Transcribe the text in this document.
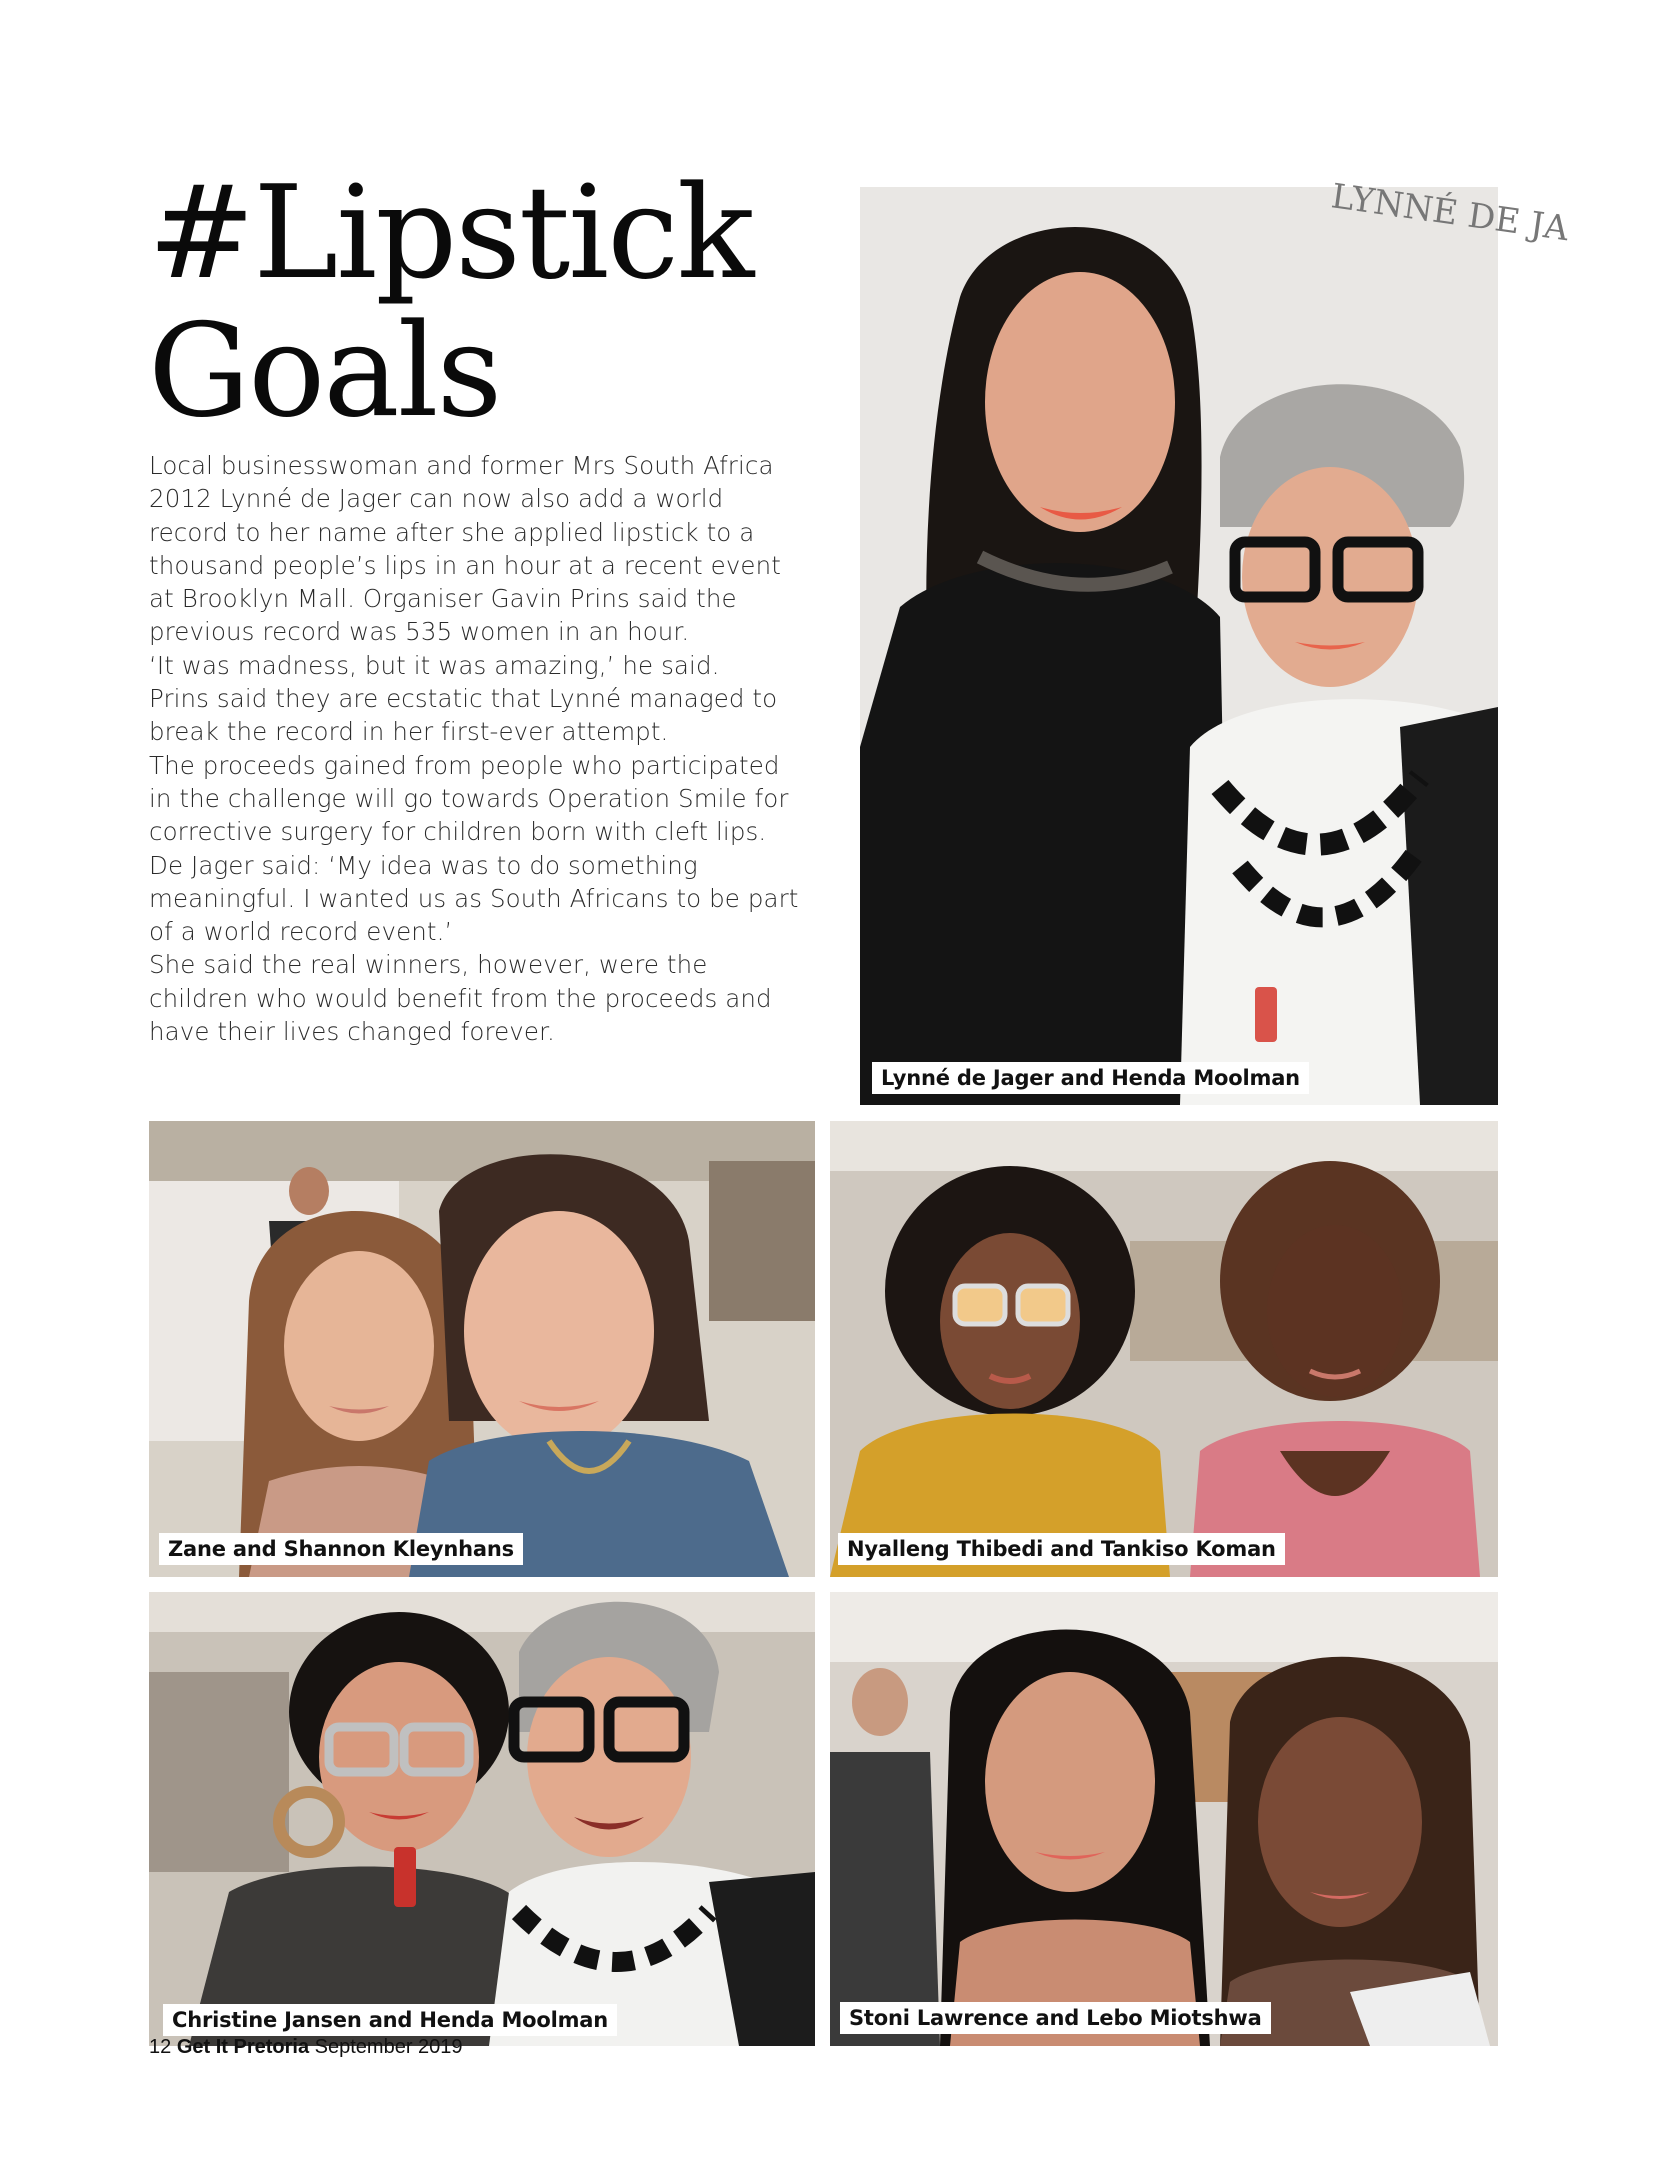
#Lipstick
Goals

Local businesswoman and former Mrs South Africa 2012 Lynné de Jager can now also add a world record to her name after she applied lipstick to a thousand people’s lips in an hour at a recent event at Brooklyn Mall. Organiser Gavin Prins said the previous record was 535 women in an hour.

‘It was madness, but it was amazing,’ he said.

Prins said they are ecstatic that Lynné managed to break the record in her first-ever attempt.

The proceeds gained from people who participated in the challenge will go towards Operation Smile for corrective surgery for children born with cleft lips.

De Jager said: ‘My idea was to do something meaningful. I wanted us as South Africans to be part of a world record event.’

She said the real winners, however, were the children who would benefit from the proceeds and have their lives changed forever.

LYNNÉ DE JA
Lynné de Jager and Henda Moolman
Zane and Shannon Kleynhans	Nyalleng Thibedi and Tankiso Koman
Christine Jansen and Henda Moolman	Stoni Lawrence and Lebo Miotshwa
12 Get It Pretoria September 2019
